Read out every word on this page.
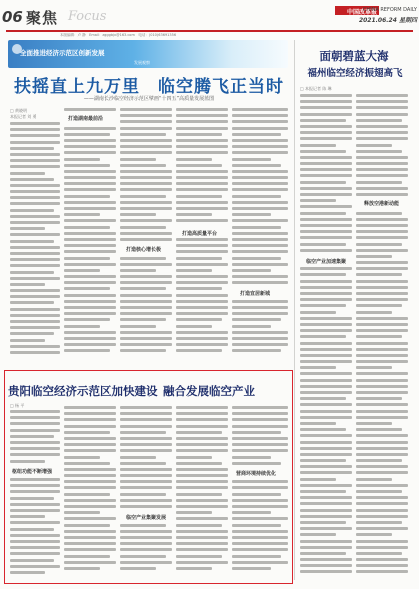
06 聚焦 Focus	中国改革报
CHINA REFORM DAILY
2021.06.24 星期四
本版编辑：卢 静　Email：zgggbjx@163.com　电话：(010)63691356
全面推进经济示范区创新发展
发展观察
扶摇直上九万里　临空腾飞正当时
——湖南长沙临空经济示范区擘画“十四五”高质量发展蓝图
□ 黄晓明
本报记者 刘 勇
面朝碧蓝大海
福州临空经济振翅高飞
□ 本报记者 陈 琳
临空产业加速集聚
释放空港新动能
贵阳临空经济示范区加快建设 融合发展临空产业
□ 杨 平
枢纽功能不断增强
临空产业集聚发展
营商环境持续优化
打造湖南最前沿
打造核心增长极
打造高质量平台
打造宜居新城
